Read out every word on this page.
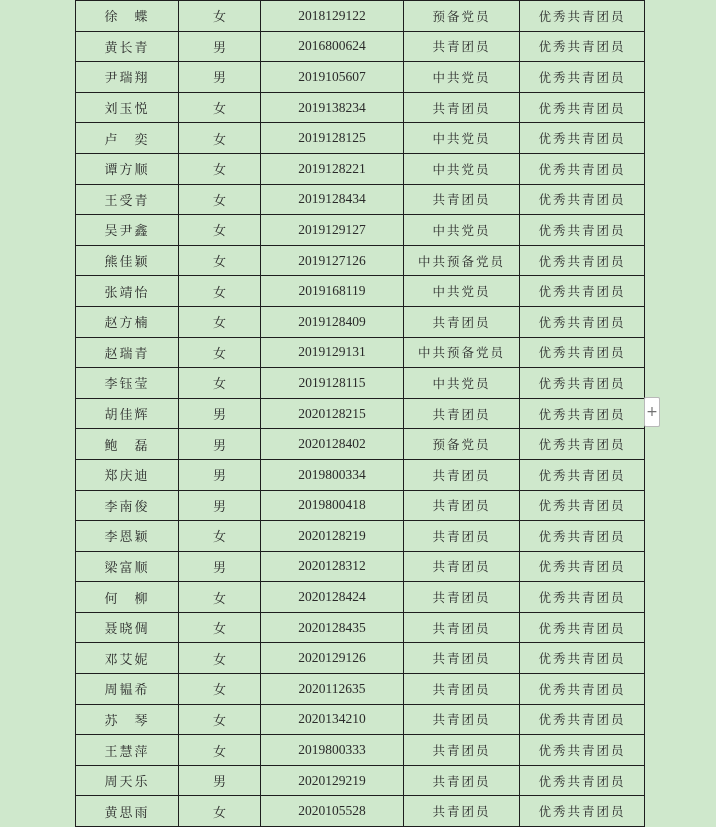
徐　蝶	女	2018129122	预备党员	优秀共青团员
黄长青	男	2016800624	共青团员	优秀共青团员
尹瑞翔	男	2019105607	中共党员	优秀共青团员
刘玉悦	女	2019138234	共青团员	优秀共青团员
卢　奕	女	2019128125	中共党员	优秀共青团员
谭方顺	女	2019128221	中共党员	优秀共青团员
王受青	女	2019128434	共青团员	优秀共青团员
吴尹鑫	女	2019129127	中共党员	优秀共青团员
熊佳颖	女	2019127126	中共预备党员	优秀共青团员
张靖怡	女	2019168119	中共党员	优秀共青团员
赵方楠	女	2019128409	共青团员	优秀共青团员
赵瑞青	女	2019129131	中共预备党员	优秀共青团员
李钰莹	女	2019128115	中共党员	优秀共青团员
胡佳辉	男	2020128215	共青团员	优秀共青团员
鲍　磊	男	2020128402	预备党员	优秀共青团员
郑庆迪	男	2019800334	共青团员	优秀共青团员
李南俊	男	2019800418	共青团员	优秀共青团员
李恩颖	女	2020128219	共青团员	优秀共青团员
梁富顺	男	2020128312	共青团员	优秀共青团员
何　柳	女	2020128424	共青团员	优秀共青团员
聂晓倜	女	2020128435	共青团员	优秀共青团员
邓艾妮	女	2020129126	共青团员	优秀共青团员
周韫希	女	2020112635	共青团员	优秀共青团员
苏　琴	女	2020134210	共青团员	优秀共青团员
王慧萍	女	2019800333	共青团员	优秀共青团员
周天乐	男	2020129219	共青团员	优秀共青团员
黄思雨	女	2020105528	共青团员	优秀共青团员
+
